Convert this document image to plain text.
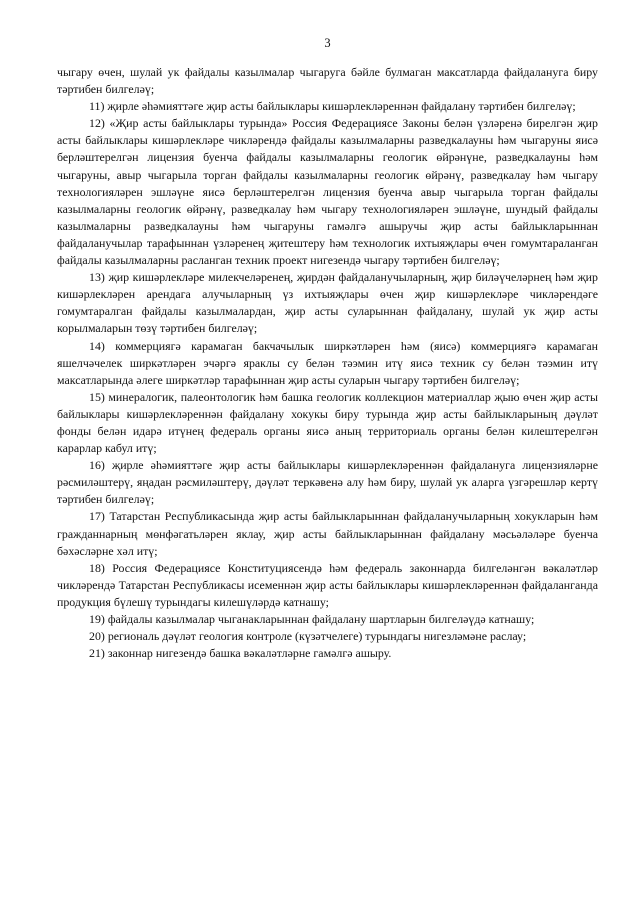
3

чыгару өчен, шулай ук файдалы казылмалар чыгаруга бәйле булмаган максатларда файдалануга биру тәртибен билгеләү;

11) җирле әһәмияттәге җир асты байлыклары кишәрлекләреннән файдалану тәртибен билгеләү;

12) «Җир асты байлыклары турында» Россия Федерациясе Законы белән үзләренә бирелгән җир асты байлыклары кишәрлекләре чикләрендә файдалы казылмаларны разведкалауны һәм чыгаруны яисә берләштерелгән лицензия буенча файдалы казылмаларны геологик өйрәнүне, разведкалауны һәм чыгаруны, авыр чыгарыла торган файдалы казылмаларны геологик өйрәнү, разведкалау һәм чыгару технологияләрен эшләүне яисә берләштерелгән лицензия буенча авыр чыгарыла торган файдалы казылмаларны геологик өйрәнү, разведкалау һәм чыгару технологияләрен эшләүне, шундый файдалы казылмаларны разведкалауны һәм чыгаруны гамәлгә ашыручы җир асты байлыкларыннан файдаланучылар тарафыннан үзләренең җитештеру һәм технологик ихтыяҗлары өчен гомумтараланган файдалы казылмаларны расланган техник проект нигезендә чыгару тәртибен билгеләү;

13) җир кишәрлекләре милекчеләренең, җирдән файдаланучыларның, җир биләүчеләрнең һәм җир кишәрлекләрен арендага алучыларның үз ихтыяҗлары өчен җир кишәрлекләре чикләрендәге гомумтаралган файдалы казылмалардан, җир асты суларыннан файдалану, шулай ук җир асты корылмаларын төзү тәртибен билгеләү;

14) коммерциягә карамаган бакчачылык ширкәтләрен һәм (яисә) коммерциягә карамаган яшелчәчелек ширкәтләрен эчәргә яраклы су белән тәэмин итү яисә техник су белән тәэмин итү максатларында әлеге ширкәтләр тарафыннан җир асты суларын чыгару тәртибен билгеләү;

15) минералогик, палеонтологик һәм башка геологик коллекцион материаллар җыю өчен җир асты байлыклары кишәрлекләреннән файдалану хокукы биру турында җир асты байлыкларының дәүләт фонды белән идарә итүнең федераль органы яисә аның территориаль органы белән килештерелгән карарлар кабул итү;

16) җирле әһәмияттәге җир асты байлыклары кишәрлекләреннән файдалануга лицензияләрне рәсмиләштерү, яңадан рәсмиләштерү, дәүләт теркәвенә алу һәм биру, шулай ук аларга үзгәрешләр кертү тәртибен билгеләү;

17) Татарстан Республикасында җир асты байлыкларыннан файдаланучыларның хокукларын һәм гражданнарның мөнфәгатьләрен яклау, җир асты байлыкларыннан файдалану мәсьәләләре буенча бәхәсләрне хәл итү;

18) Россия Федерациясе Конституциясендә һәм федераль законнарда билгеләнгән вәкаләтләр чикләрендә Татарстан Республикасы исеменнән җир асты байлыклары кишәрлекләреннән файдаланганда продукция бүлешү турындагы килешүләрдә катнашу;

19) файдалы казылмалар чыганакларыннан файдалану шартларын билгеләүдә катнашу;

20) региональ дәүләт геология контроле (күзәтчелеге) турындагы нигезләмәне раслау;

21) законнар нигезендә башка вәкаләтләрне гамәлгә ашыру.
